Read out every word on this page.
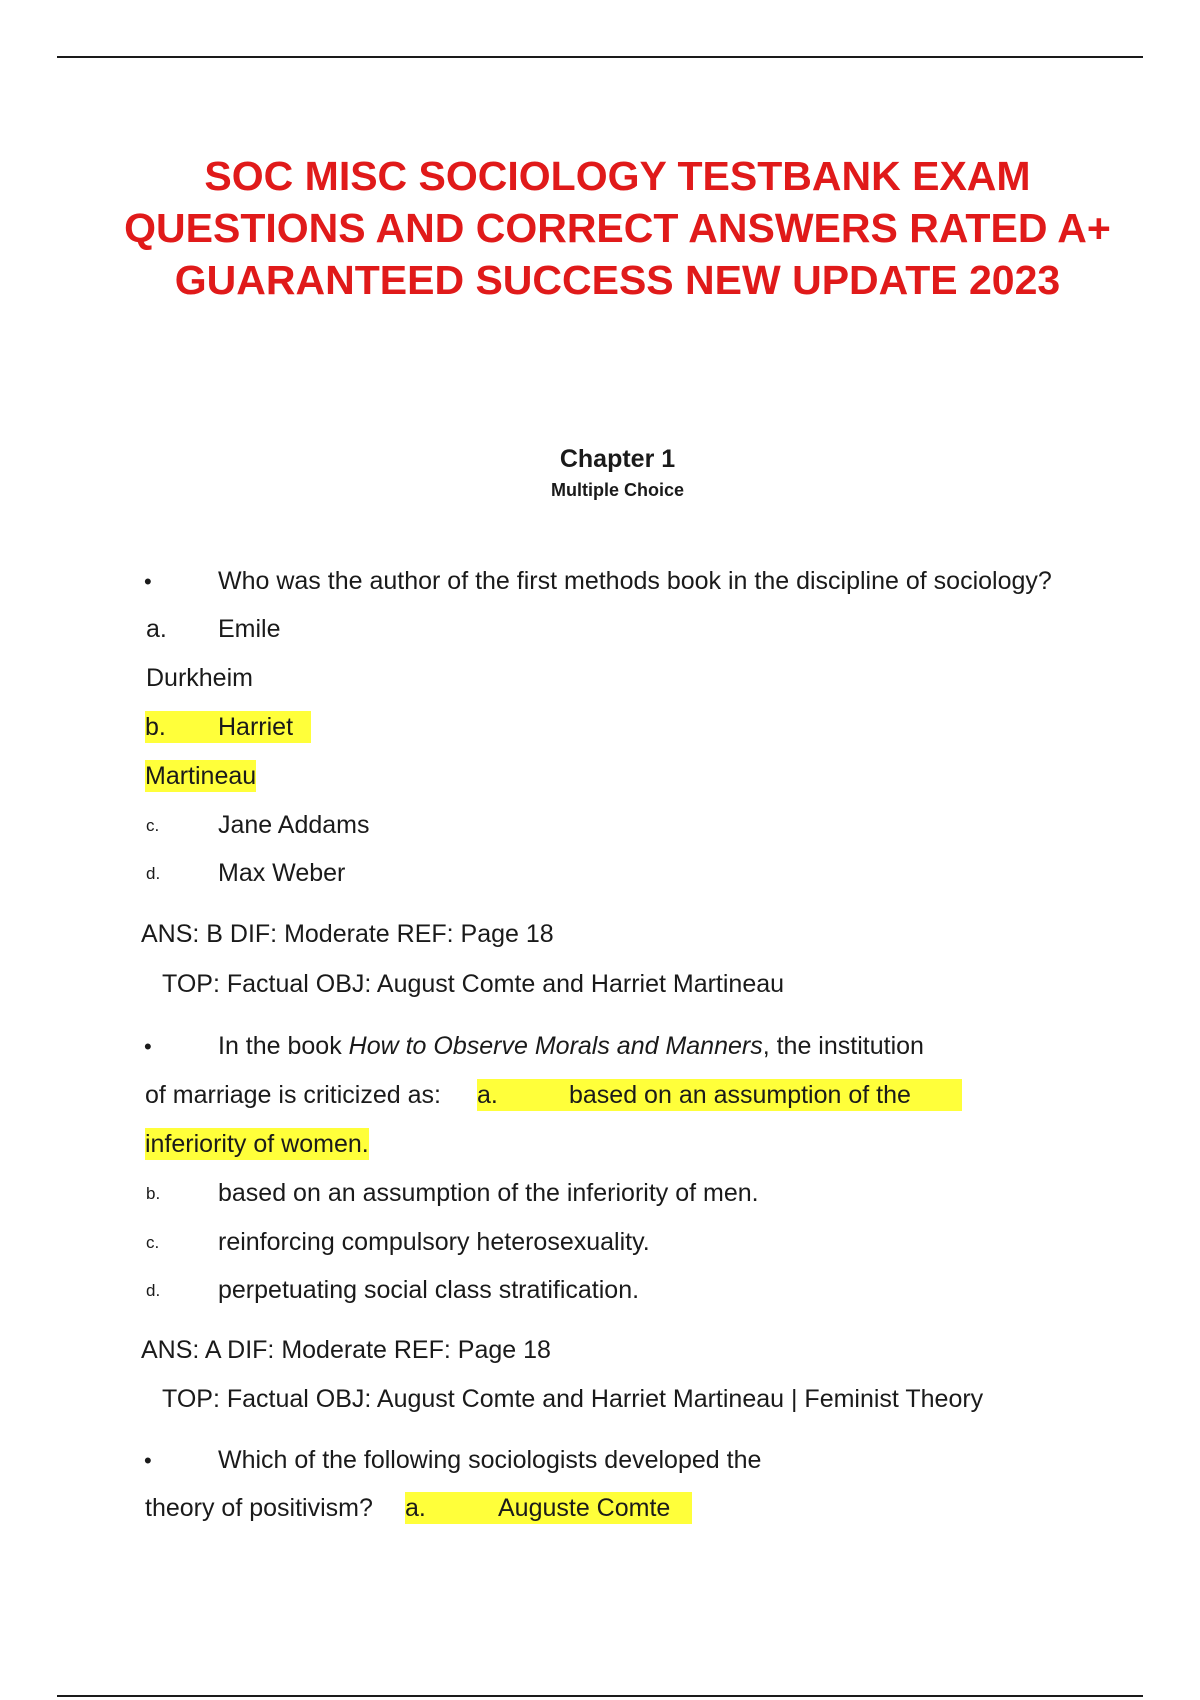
SOC MISC SOCIOLOGY TESTBANK EXAM QUESTIONS AND CORRECT ANSWERS RATED A+ GUARANTEED SUCCESS NEW UPDATE 2023
Chapter 1
Multiple Choice
•	Who was the author of the first methods book in the discipline of sociology?
a. Emile
Durkheim
b. Harriet
Martineau
c. Jane Addams
d. Max Weber
ANS: B DIF: Moderate REF: Page 18
TOP: Factual OBJ: August Comte and Harriet Martineau
•	In the book How to Observe Morals and Manners, the institution
of marriage is criticized as: a.	based on an assumption of the
inferiority of women.
b. based on an assumption of the inferiority of men.
c. reinforcing compulsory heterosexuality.
d. perpetuating social class stratification.
ANS: A DIF: Moderate REF: Page 18
TOP: Factual OBJ: August Comte and Harriet Martineau | Feminist Theory
•	Which of the following sociologists developed the
theory of positivism? a.	Auguste Comte
